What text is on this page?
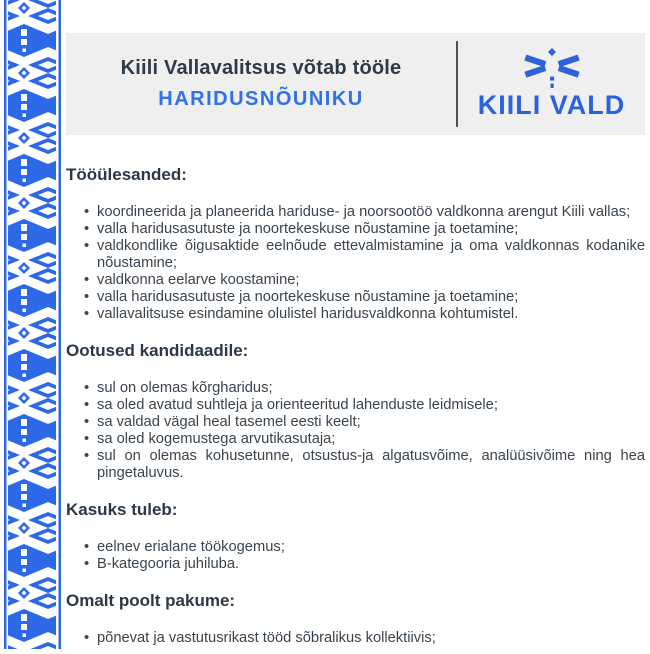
Kiili Vallavalitsus võtab tööle
HARIDUSNÕUNIKU	KIILI VALD
Tööülesanded:
• koordineerida ja planeerida hariduse- ja noorsootöö valdkonna arengut Kiili vallas;
• valla haridusasutuste ja noortekeskuse nõustamine ja toetamine;
• valdkondlike õigusaktide eelnõude ettevalmistamine ja oma valdkonnas kodanike nõustamine;
• valdkonna eelarve koostamine;
• valla haridusasutuste ja noortekeskuse nõustamine ja toetamine;
• vallavalitsuse esindamine olulistel haridusvaldkonna kohtumistel.
Ootused kandidaadile:
• sul on olemas kõrgharidus;
• sa oled avatud suhtleja ja orienteeritud lahenduste leidmisele;
• sa valdad vägal heal tasemel eesti keelt;
• sa oled kogemustega arvutikasutaja;
• sul on olemas kohusetunne, otsustus-ja algatusvõime, analüüsivõime ning hea pingetaluvus.
Kasuks tuleb:
• eelnev erialane töökogemus;
• B-kategooria juhiluba.
Omalt poolt pakume:
• põnevat ja vastutusrikast tööd sõbralikus kollektiivis;
